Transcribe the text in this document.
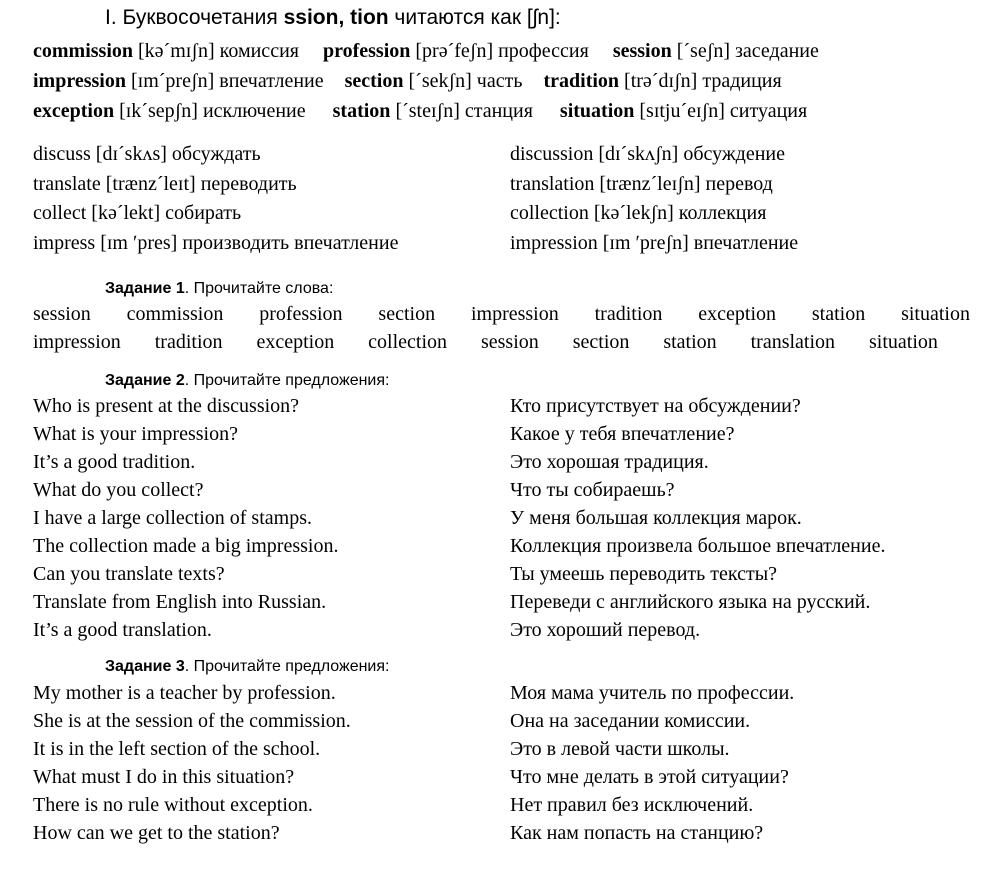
I. Буквосочетания ssion, tion читаются как [ʃn]:
commission [kə´mɪʃn] комиссия profession [prə´feʃn] профессия session [´seʃn] заседание
impression [ɪm´preʃn] впечатление section [´sekʃn] часть tradition [trə´dɪʃn] традиция
exception [ɪk´sepʃn] исключение station [´steɪʃn] станция situation [sɪtju´eɪʃn] ситуация
discuss [dɪ´skʌs] обсуждать	discussion [dɪ´skʌʃn] обсуждение
translate [trænz´leɪt] переводить	translation [trænz´leɪʃn] перевод
collect [kə´lekt] собирать	collection [kə´lekʃn] коллекция
impress [ɪm ʹpres] производить впечатление	impression [ɪm ʹpreʃn] впечатление
Задание 1. Прочитайте слова:
session commission profession section impression tradition exception station situation
impression tradition exception collection session section station translation situation
Задание 2. Прочитайте предложения:
Who is present at the discussion?	Кто присутствует на обсуждении?
What is your impression?	Какое у тебя впечатление?
It’s a good tradition.	Это хорошая традиция.
What do you collect?	Что ты собираешь?
I have a large collection of stamps.	У меня большая коллекция марок.
The collection made a big impression.	Коллекция произвела большое впечатление.
Can you translate texts?	Ты умеешь переводить тексты?
Translate from English into Russian.	Переведи с английского языка на русский.
It’s a good translation.	Это хороший перевод.
Задание 3. Прочитайте предложения:
My mother is a teacher by profession.	Моя мама учитель по профессии.
She is at the session of the commission.	Она на заседании комиссии.
It is in the left section of the school.	Это в левой части школы.
What must I do in this situation?	Что мне делать в этой ситуации?
There is no rule without exception.	Нет правил без исключений.
How can we get to the station?	Как нам попасть на станцию?
